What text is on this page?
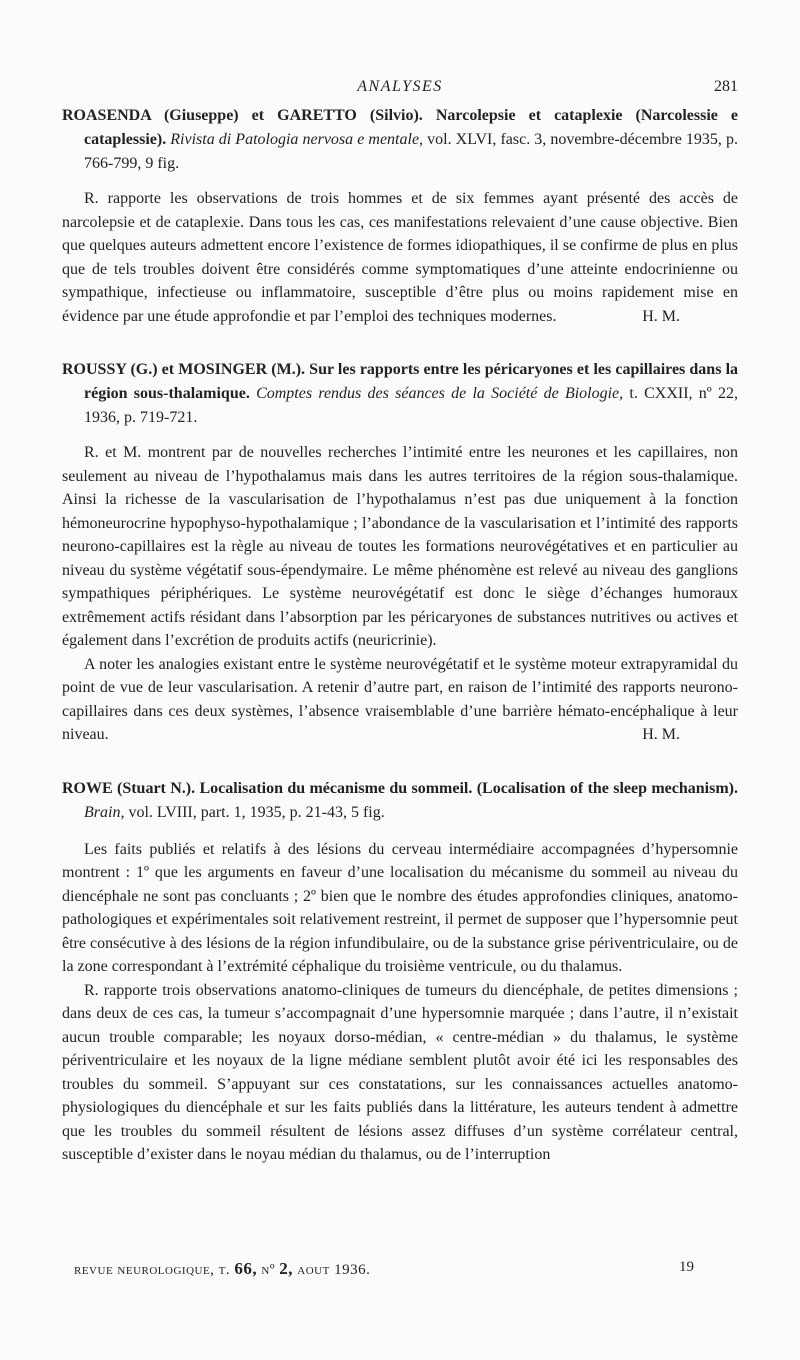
ANALYSES	281

ROASENDA (Giuseppe) et GARETTO (Silvio). Narcolepsie et cataplexie (Narcolessie e cataplessie). Rivista di Patologia nervosa e mentale, vol. XLVI, fasc. 3, novembre-décembre 1935, p. 766-799, 9 fig.

R. rapporte les observations de trois hommes et de six femmes ayant présenté des accès de narcolepsie et de cataplexie. Dans tous les cas, ces manifestations relevaient d’une cause objective. Bien que quelques auteurs admettent encore l’existence de formes idiopathiques, il se confirme de plus en plus que de tels troubles doivent être considérés comme symptomatiques d’une atteinte endocrinienne ou sympathique, infectieuse ou inflammatoire, susceptible d’être plus ou moins rapidement mise en évidence par une étude approfondie et par l’emploi des techniques modernes.	H. M.

ROUSSY (G.) et MOSINGER (M.). Sur les rapports entre les péricaryones et les capillaires dans la région sous-thalamique. Comptes rendus des séances de la Société de Biologie, t. CXXII, nº 22, 1936, p. 719-721.

R. et M. montrent par de nouvelles recherches l’intimité entre les neurones et les capillaires, non seulement au niveau de l’hypothalamus mais dans les autres territoires de la région sous-thalamique. Ainsi la richesse de la vascularisation de l’hypothalamus n’est pas due uniquement à la fonction hémoneurocrine hypophyso-hypothalamique ; l’abondance de la vascularisation et l’intimité des rapports neurono-capillaires est la règle au niveau de toutes les formations neurovégétatives et en particulier au niveau du système végétatif sous-épendymaire. Le même phénomène est relevé au niveau des ganglions sympathiques périphériques. Le système neurovégétatif est donc le siège d’échanges humoraux extrêmement actifs résidant dans l’absorption par les péricaryones de substances nutritives ou actives et également dans l’excrétion de produits actifs (neuricrinie).

A noter les analogies existant entre le système neurovégétatif et le système moteur extrapyramidal du point de vue de leur vascularisation. A retenir d’autre part, en raison de l’intimité des rapports neurono-capillaires dans ces deux systèmes, l’absence vraisemblable d’une barrière hémato-encéphalique à leur niveau.	H. M.

ROWE (Stuart N.). Localisation du mécanisme du sommeil. (Localisation of the sleep mechanism). Brain, vol. LVIII, part. 1, 1935, p. 21-43, 5 fig.

Les faits publiés et relatifs à des lésions du cerveau intermédiaire accompagnées d’hypersomnie montrent : 1º que les arguments en faveur d’une localisation du mécanisme du sommeil au niveau du diencéphale ne sont pas concluants ; 2º bien que le nombre des études approfondies cliniques, anatomo-pathologiques et expérimentales soit relativement restreint, il permet de supposer que l’hypersomnie peut être consécutive à des lésions de la région infundibulaire, ou de la substance grise périventriculaire, ou de la zone correspondant à l’extrémité céphalique du troisième ventricule, ou du thalamus.

R. rapporte trois observations anatomo-cliniques de tumeurs du diencéphale, de petites dimensions ; dans deux de ces cas, la tumeur s’accompagnait d’une hypersomnie marquée ; dans l’autre, il n’existait aucun trouble comparable; les noyaux dorso-médian, « centre-médian » du thalamus, le système périventriculaire et les noyaux de la ligne médiane semblent plutôt avoir été ici les responsables des troubles du sommeil. S’appuyant sur ces constatations, sur les connaissances actuelles anatomo-physiologiques du diencéphale et sur les faits publiés dans la littérature, les auteurs tendent à admettre que les troubles du sommeil résultent de lésions assez diffuses d’un système corrélateur central, susceptible d’exister dans le noyau médian du thalamus, ou de l’interruption

revue neurologique, t. 66, nº 2, aout 1936.	19
